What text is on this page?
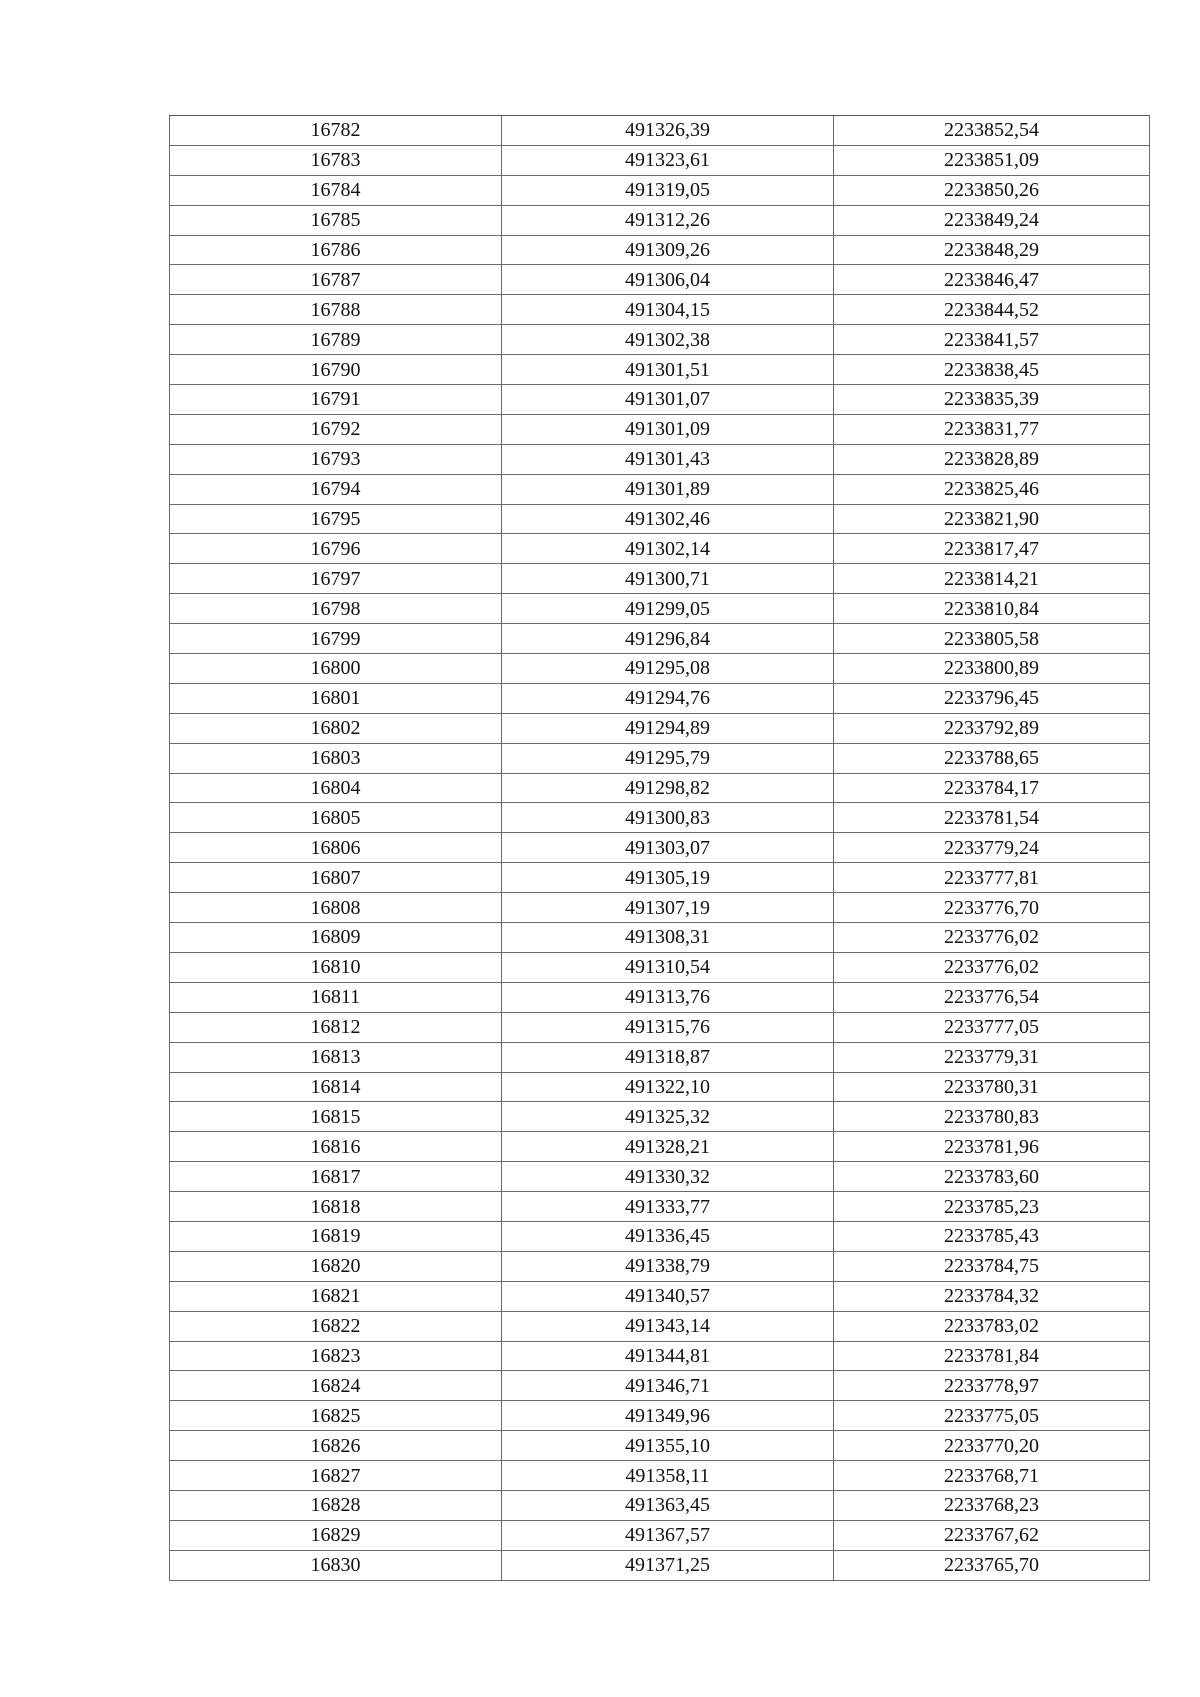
16782	491326,39	2233852,54
16783	491323,61	2233851,09
16784	491319,05	2233850,26
16785	491312,26	2233849,24
16786	491309,26	2233848,29
16787	491306,04	2233846,47
16788	491304,15	2233844,52
16789	491302,38	2233841,57
16790	491301,51	2233838,45
16791	491301,07	2233835,39
16792	491301,09	2233831,77
16793	491301,43	2233828,89
16794	491301,89	2233825,46
16795	491302,46	2233821,90
16796	491302,14	2233817,47
16797	491300,71	2233814,21
16798	491299,05	2233810,84
16799	491296,84	2233805,58
16800	491295,08	2233800,89
16801	491294,76	2233796,45
16802	491294,89	2233792,89
16803	491295,79	2233788,65
16804	491298,82	2233784,17
16805	491300,83	2233781,54
16806	491303,07	2233779,24
16807	491305,19	2233777,81
16808	491307,19	2233776,70
16809	491308,31	2233776,02
16810	491310,54	2233776,02
16811	491313,76	2233776,54
16812	491315,76	2233777,05
16813	491318,87	2233779,31
16814	491322,10	2233780,31
16815	491325,32	2233780,83
16816	491328,21	2233781,96
16817	491330,32	2233783,60
16818	491333,77	2233785,23
16819	491336,45	2233785,43
16820	491338,79	2233784,75
16821	491340,57	2233784,32
16822	491343,14	2233783,02
16823	491344,81	2233781,84
16824	491346,71	2233778,97
16825	491349,96	2233775,05
16826	491355,10	2233770,20
16827	491358,11	2233768,71
16828	491363,45	2233768,23
16829	491367,57	2233767,62
16830	491371,25	2233765,70
